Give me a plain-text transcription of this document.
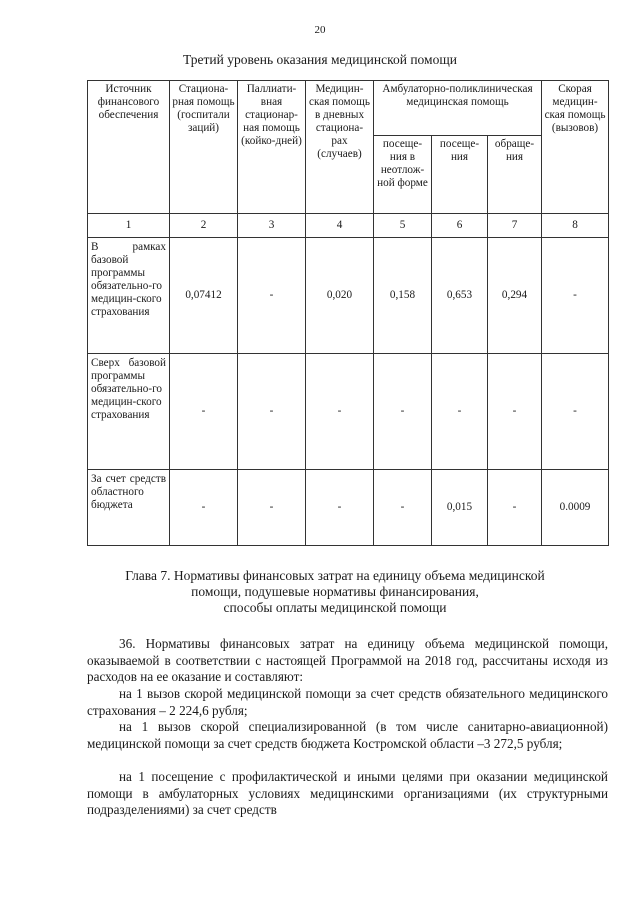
20
Третий уровень оказания медицинской помощи
Источник финансового обеспечения	Стациона-рная помощь (госпитали заций)	Паллиати-вная стационар-ная помощь (койко-дней)	Медицин-ская помощь в дневных стациона-рах (случаев)	Амбулаторно-поликлиническая медицинская помощь			Скорая медицин-ская помощь (вызовов)
				посеще-ния в неотлож-ной форме	посеще-ния	обраще-ния	
1	2	3	4	5	6	7	8
В рамках базовой программы обязательно-го медицин-ского страхования	0,07412	-	0,020	0,158	0,653	0,294	-
Сверх базовой программы обязательно-го медицин-ского страхования	-	-	-	-	-	-	-
За счет средств областного бюджета	-	-	-	-	0,015	-	0.0009
Глава 7. Нормативы финансовых затрат на единицу объема медицинской
помощи, подушевые нормативы финансирования,
способы оплаты медицинской помощи
36. Нормативы финансовых затрат на единицу объема медицинской помощи, оказываемой в соответствии с настоящей Программой на 2018 год, рассчитаны исходя из расходов на ее оказание и составляют:
на 1 вызов скорой медицинской помощи за счет средств обязательного медицинского страхования – 2 224,6 рубля;
на 1 вызов скорой специализированной (в том числе санитарно-авиационной) медицинской помощи за счет средств бюджета Костромской области –3 272,5 рубля;
на 1 посещение с профилактической и иными целями при оказании медицинской помощи в амбулаторных условиях медицинскими организациями (их структурными подразделениями) за счет средств
